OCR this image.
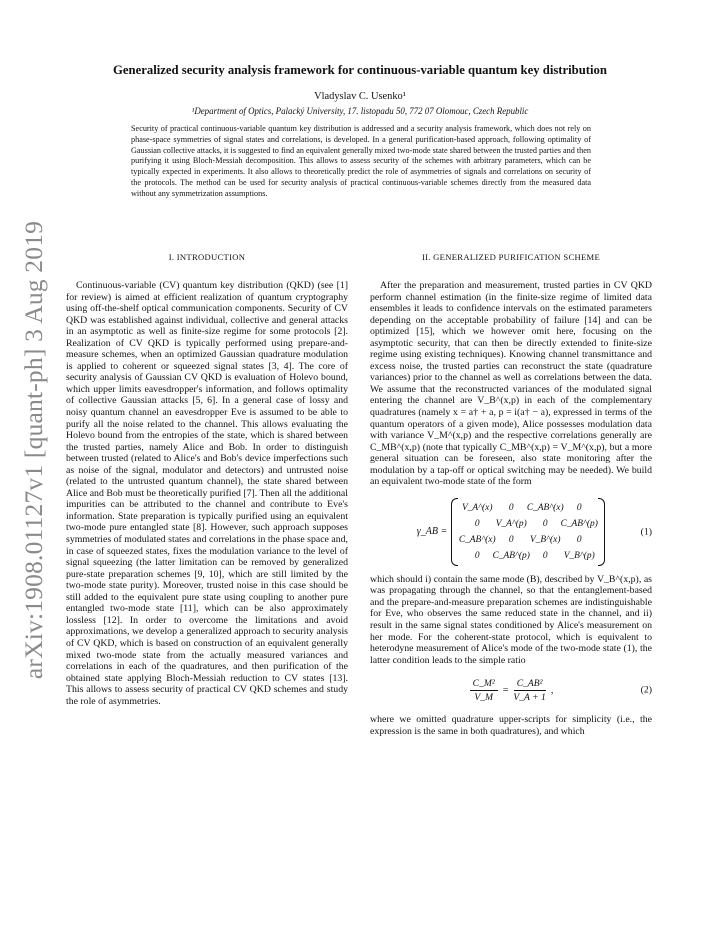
arXiv:1908.01127v1 [quant-ph] 3 Aug 2019
Generalized security analysis framework for continuous-variable quantum key distribution
Vladyslav C. Usenko¹
¹Department of Optics, Palacký University, 17. listopadu 50, 772 07 Olomouc, Czech Republic

Security of practical continuous-variable quantum key distribution is addressed and a security analysis framework, which does not rely on phase-space symmetries of signal states and correlations, is developed. In a general purification-based approach, following optimality of Gaussian collective attacks, it is suggested to find an equivalent generally mixed two-mode state shared between the trusted parties and then purifying it using Bloch-Messiah decomposition. This allows to assess security of the schemes with arbitrary parameters, which can be typically expected in experiments. It also allows to theoretically predict the role of asymmetries of signals and correlations on security of the protocols. The method can be used for security analysis of practical continuous-variable schemes directly from the measured data without any symmetrization assumptions.

I. INTRODUCTION

Continuous-variable (CV) quantum key distribution (QKD) (see [1] for review) is aimed at efficient realization of quantum cryptography using off-the-shelf optical communication components. Security of CV QKD was established against individual, collective and general attacks in an asymptotic as well as finite-size regime for some protocols [2]. Realization of CV QKD is typically performed using prepare-and-measure schemes, when an optimized Gaussian quadrature modulation is applied to coherent or squeezed signal states [3, 4]. The core of security analysis of Gaussian CV QKD is evaluation of Holevo bound, which upper limits eavesdropper's information, and follows optimality of collective Gaussian attacks [5, 6]. In a general case of lossy and noisy quantum channel an eavesdropper Eve is assumed to be able to purify all the noise related to the channel. This allows evaluating the Holevo bound from the entropies of the state, which is shared between the trusted parties, namely Alice and Bob. In order to distinguish between trusted (related to Alice's and Bob's device imperfections such as noise of the signal, modulator and detectors) and untrusted noise (related to the untrusted quantum channel), the state shared between Alice and Bob must be theoretically purified [7]. Then all the additional impurities can be attributed to the channel and contribute to Eve's information. State preparation is typically purified using an equivalent two-mode pure entangled state [8]. However, such approach supposes symmetries of modulated states and correlations in the phase space and, in case of squeezed states, fixes the modulation variance to the level of signal squeezing (the latter limitation can be removed by generalized pure-state preparation schemes [9, 10], which are still limited by the two-mode state purity). Moreover, trusted noise in this case should be still added to the equivalent pure state using coupling to another pure entangled two-mode state [11], which can be also approximately lossless [12]. In order to overcome the limitations and avoid approximations, we develop a generalized approach to security analysis of CV QKD, which is based on construction of an equivalent generally mixed two-mode state from the actually measured variances and correlations in each of the quadratures, and then purification of the obtained state applying Bloch-Messiah reduction to CV states [13]. This allows to assess security of practical CV QKD schemes and study the role of asymmetries.

II. GENERALIZED PURIFICATION SCHEME

After the preparation and measurement, trusted parties in CV QKD perform channel estimation (in the finite-size regime of limited data ensembles it leads to confidence intervals on the estimated parameters depending on the acceptable probability of failure [14] and can be optimized [15], which we however omit here, focusing on the asymptotic security, that can then be directly extended to finite-size regime using existing techniques). Knowing channel transmittance and excess noise, the trusted parties can reconstruct the state (quadrature variances) prior to the channel as well as correlations between the data. We assume that the reconstructed variances of the modulated signal entering the channel are V_B^(x,p) in each of the complementary quadratures (namely x = a† + a, p = i(a† − a), expressed in terms of the quantum operators of a given mode), Alice possesses modulation data with variance V_M^(x,p) and the respective correlations generally are C_MB^(x,p) (note that typically C_MB^(x,p) = V_M^(x,p), but a more general situation can be foreseen, also state monitoring after the modulation by a tap-off or optical switching may be needed). We build an equivalent two-mode state of the form

γ_AB =
V_A^(x)	0	C_AB^(x)	0
0	V_A^(p)	0	C_AB^(p)
C_AB^(x)	0	V_B^(x)	0
0	C_AB^(p)	0	V_B^(p)
(1)

which should i) contain the same mode (B), described by V_B^(x,p), as was propagating through the channel, so that the entanglement-based and the prepare-and-measure preparation schemes are indistinguishable for Eve, who observes the same reduced state in the channel, and ii) result in the same signal states conditioned by Alice's measurement on her mode. For the coherent-state protocol, which is equivalent to heterodyne measurement of Alice's mode of the two-mode state (1), the latter condition leads to the simple ratio

$\frac{\text{C\_M²}}{V\_M} = \frac{\text{C\_AB²}}{V\_A + 1}$ ,	(2)

where we omitted quadrature upper-scripts for simplicity (i.e., the expression is the same in both quadratures), and which
